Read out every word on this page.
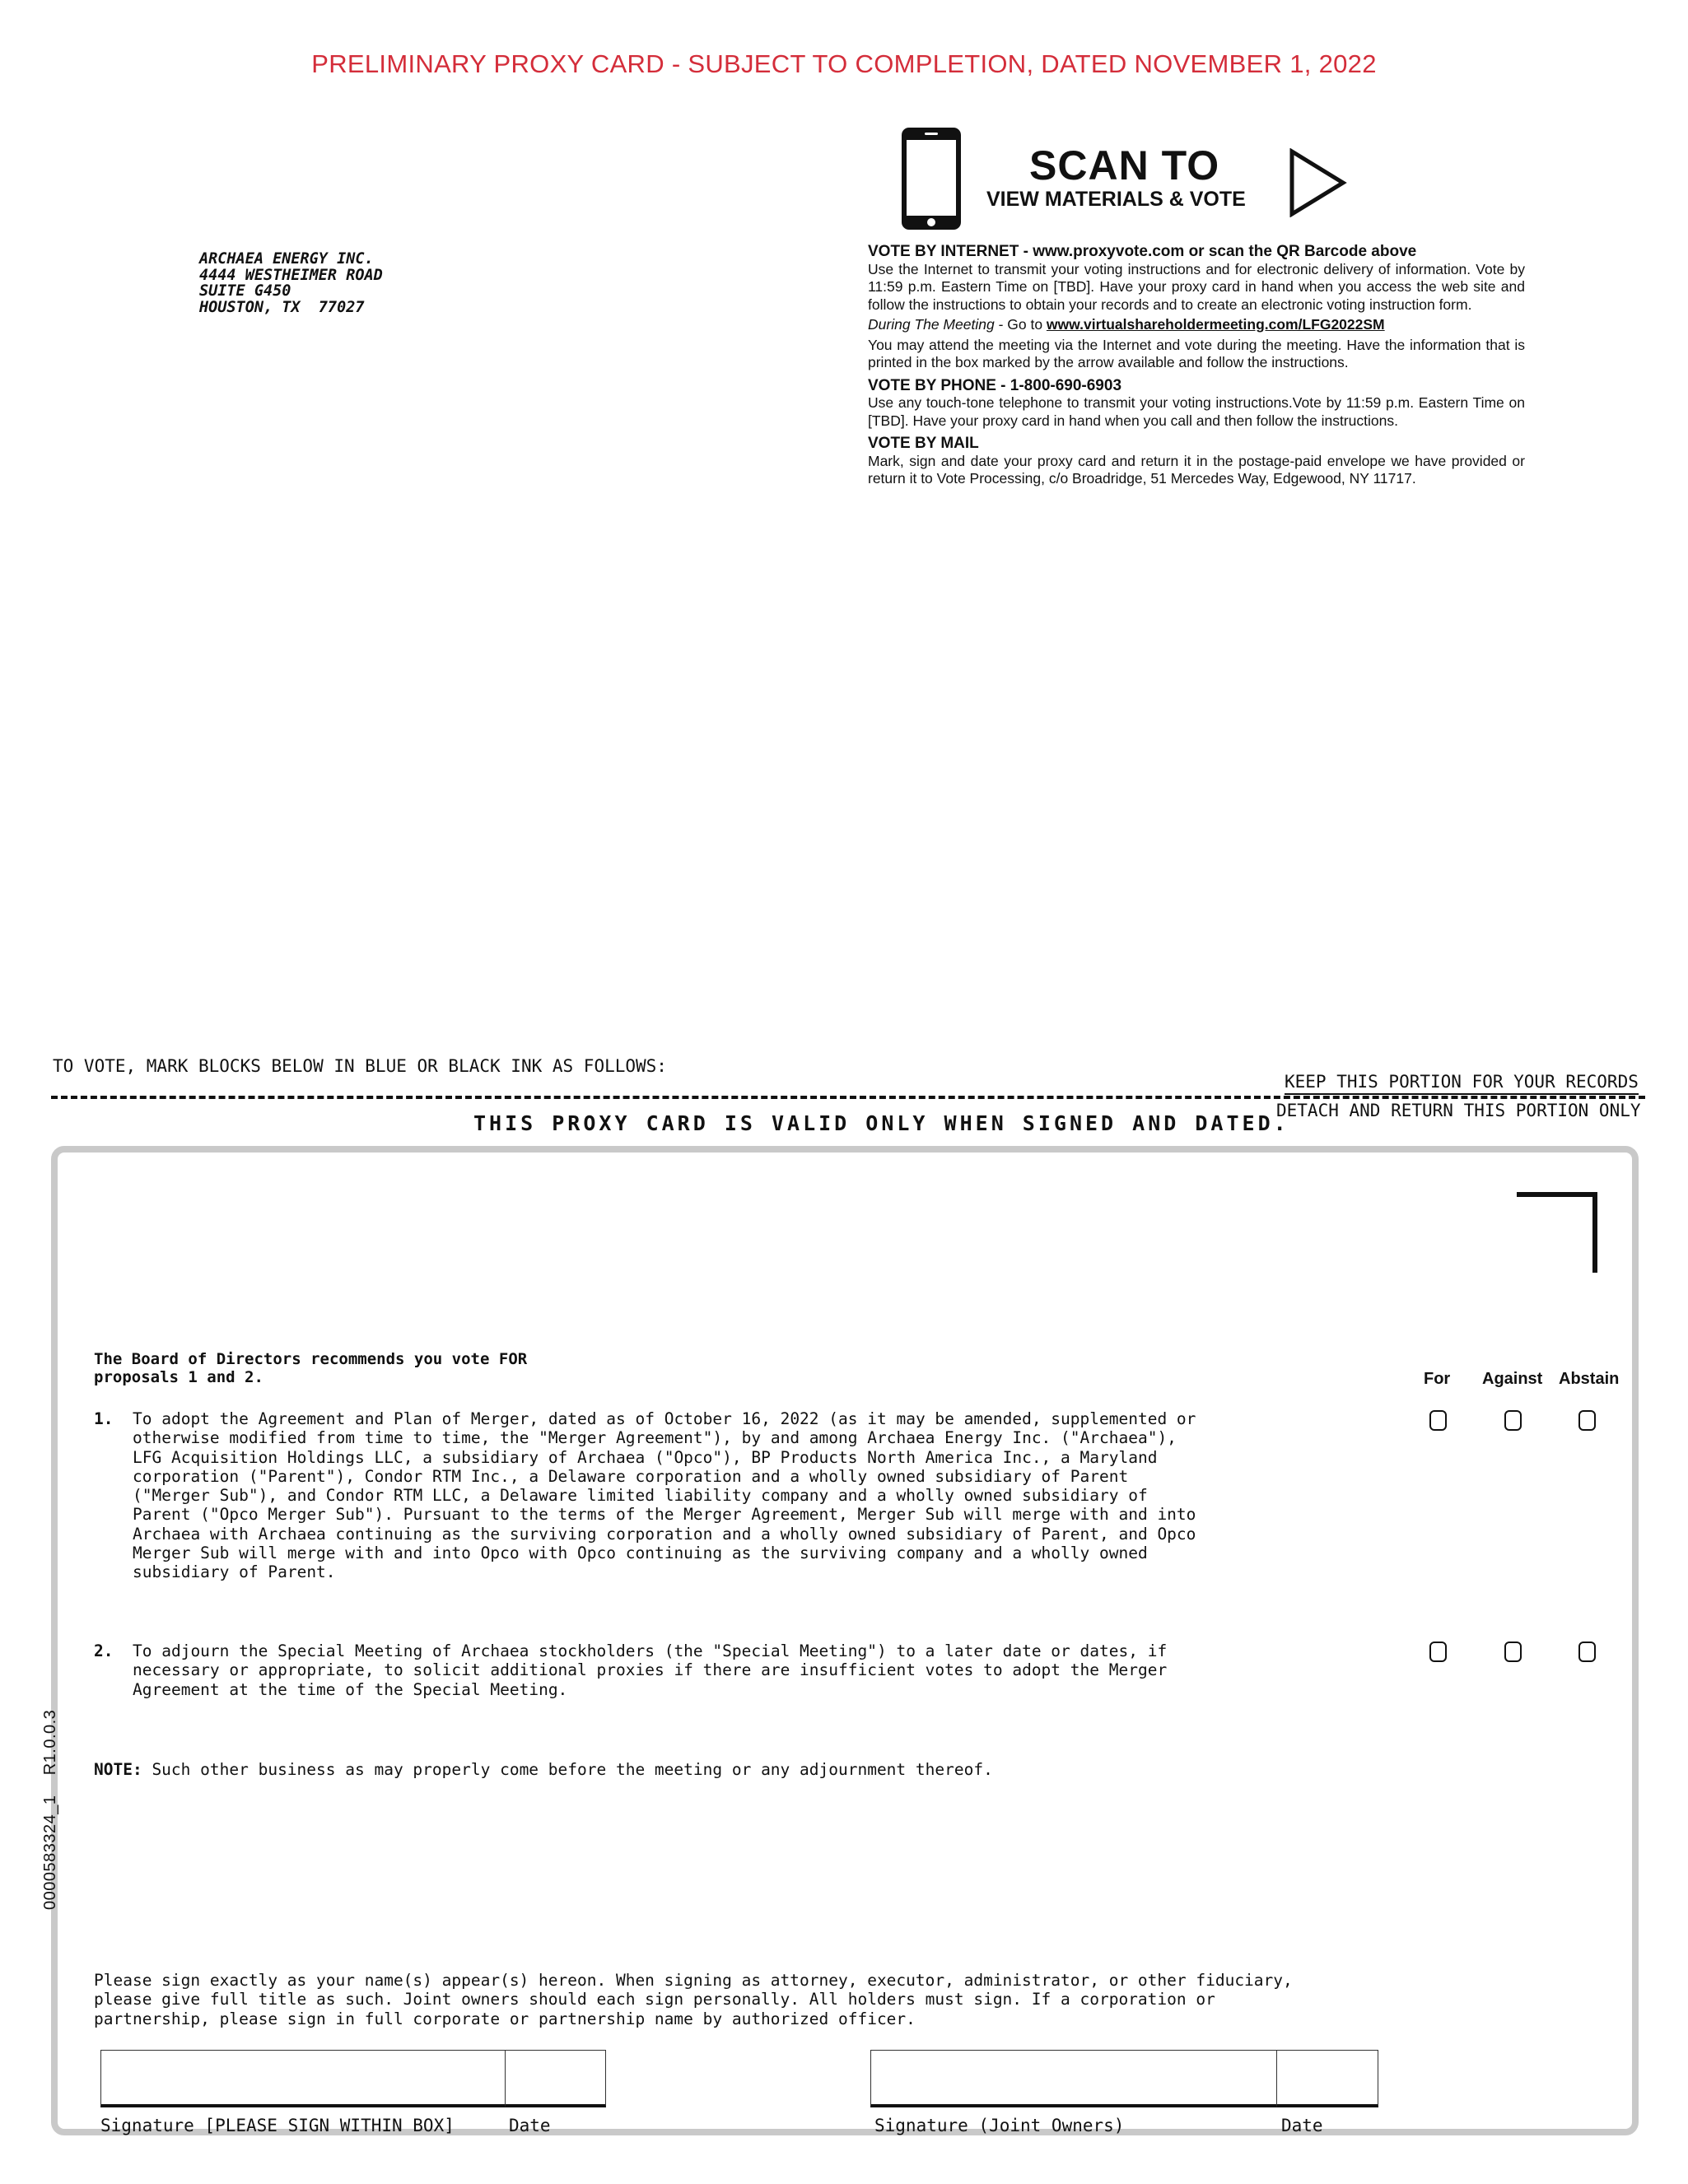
PRELIMINARY PROXY CARD - SUBJECT TO COMPLETION, DATED NOVEMBER 1, 2022
SCAN TO
VIEW MATERIALS & VOTE
ARCHAEA ENERGY INC.
4444 WESTHEIMER ROAD
SUITE G450
HOUSTON, TX  77027
VOTE BY INTERNET - www.proxyvote.com or scan the QR Barcode above

Use the Internet to transmit your voting instructions and for electronic delivery of information. Vote by 11:59 p.m. Eastern Time on [TBD]. Have your proxy card in hand when you access the web site and follow the instructions to obtain your records and to create an electronic voting instruction form.

During The Meeting - Go to www.virtualshareholdermeeting.com/LFG2022SM

You may attend the meeting via the Internet and vote during the meeting. Have the information that is printed in the box marked by the arrow available and follow the instructions.

VOTE BY PHONE - 1-800-690-6903

Use any touch-tone telephone to transmit your voting instructions.Vote by 11:59 p.m. Eastern Time on [TBD]. Have your proxy card in hand when you call and then follow the instructions.

VOTE BY MAIL

Mark, sign and date your proxy card and return it in the postage-paid envelope we have provided or return it to Vote Processing, c/o Broadridge, 51 Mercedes Way, Edgewood, NY 11717.

TO VOTE, MARK BLOCKS BELOW IN BLUE OR BLACK INK AS FOLLOWS:
KEEP THIS PORTION FOR YOUR RECORDS
THIS PROXY CARD IS VALID ONLY WHEN SIGNED AND DATED.
DETACH AND RETURN THIS PORTION ONLY
The Board of Directors recommends you vote FOR
proposals 1 and 2.	For Against Abstain
1. To adopt the Agreement and Plan of Merger, dated as of October 16, 2022 (as it may be amended, supplemented or
otherwise modified from time to time, the "Merger Agreement"), by and among Archaea Energy Inc. ("Archaea"),
LFG Acquisition Holdings LLC, a subsidiary of Archaea ("Opco"), BP Products North America Inc., a Maryland
corporation ("Parent"), Condor RTM Inc., a Delaware corporation and a wholly owned subsidiary of Parent
("Merger Sub"), and Condor RTM LLC, a Delaware limited liability company and a wholly owned subsidiary of
Parent ("Opco Merger Sub"). Pursuant to the terms of the Merger Agreement, Merger Sub will merge with and into
Archaea with Archaea continuing as the surviving corporation and a wholly owned subsidiary of Parent, and Opco
Merger Sub will merge with and into Opco with Opco continuing as the surviving company and a wholly owned
subsidiary of Parent.
2. To adjourn the Special Meeting of Archaea stockholders (the "Special Meeting") to a later date or dates, if
necessary or appropriate, to solicit additional proxies if there are insufficient votes to adopt the Merger
Agreement at the time of the Special Meeting.
NOTE: Such other business as may properly come before the meeting or any adjournment thereof.
Please sign exactly as your name(s) appear(s) hereon. When signing as attorney, executor, administrator, or other fiduciary,
please give full title as such. Joint owners should each sign personally. All holders must sign. If a corporation or
partnership, please sign in full corporate or partnership name by authorized officer.
Signature [PLEASE SIGN WITHIN BOX]	Date	Signature (Joint Owners)	Date
0000583324_1    R1.0.0.3
